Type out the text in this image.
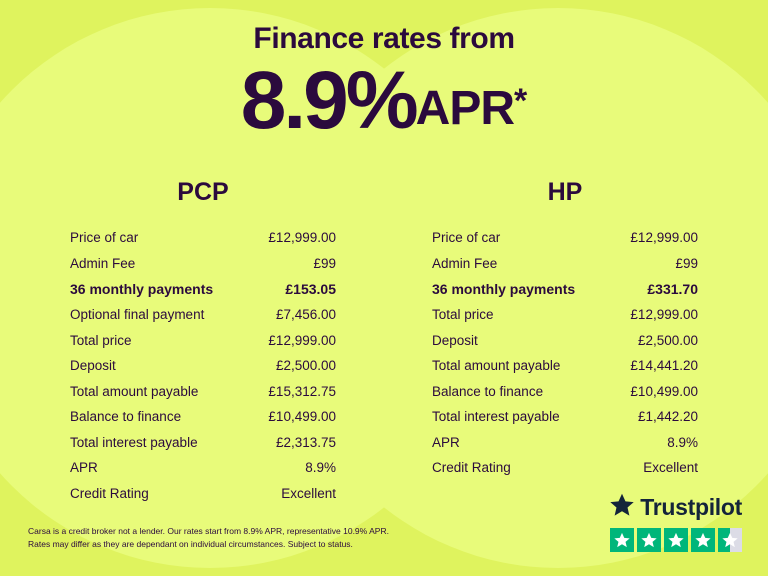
Finance rates from
8.9%APR*
PCP
Price of car	£12,999.00
Admin Fee	£99
36 monthly payments	£153.05
Optional final payment	£7,456.00
Total price	£12,999.00
Deposit	£2,500.00
Total amount payable	£15,312.75
Balance to finance	£10,499.00
Total interest payable	£2,313.75
APR	8.9%
Credit Rating	Excellent
HP
Price of car	£12,999.00
Admin Fee	£99
36 monthly payments	£331.70
Total price	£12,999.00
Deposit	£2,500.00
Total amount payable	£14,441.20
Balance to finance	£10,499.00
Total interest payable	£1,442.20
APR	8.9%
Credit Rating	Excellent
Carsa is a credit broker not a lender. Our rates start from 8.9% APR, representative 10.9% APR.
Rates may differ as they are dependant on individual circumstances. Subject to status.
Trustpilot
